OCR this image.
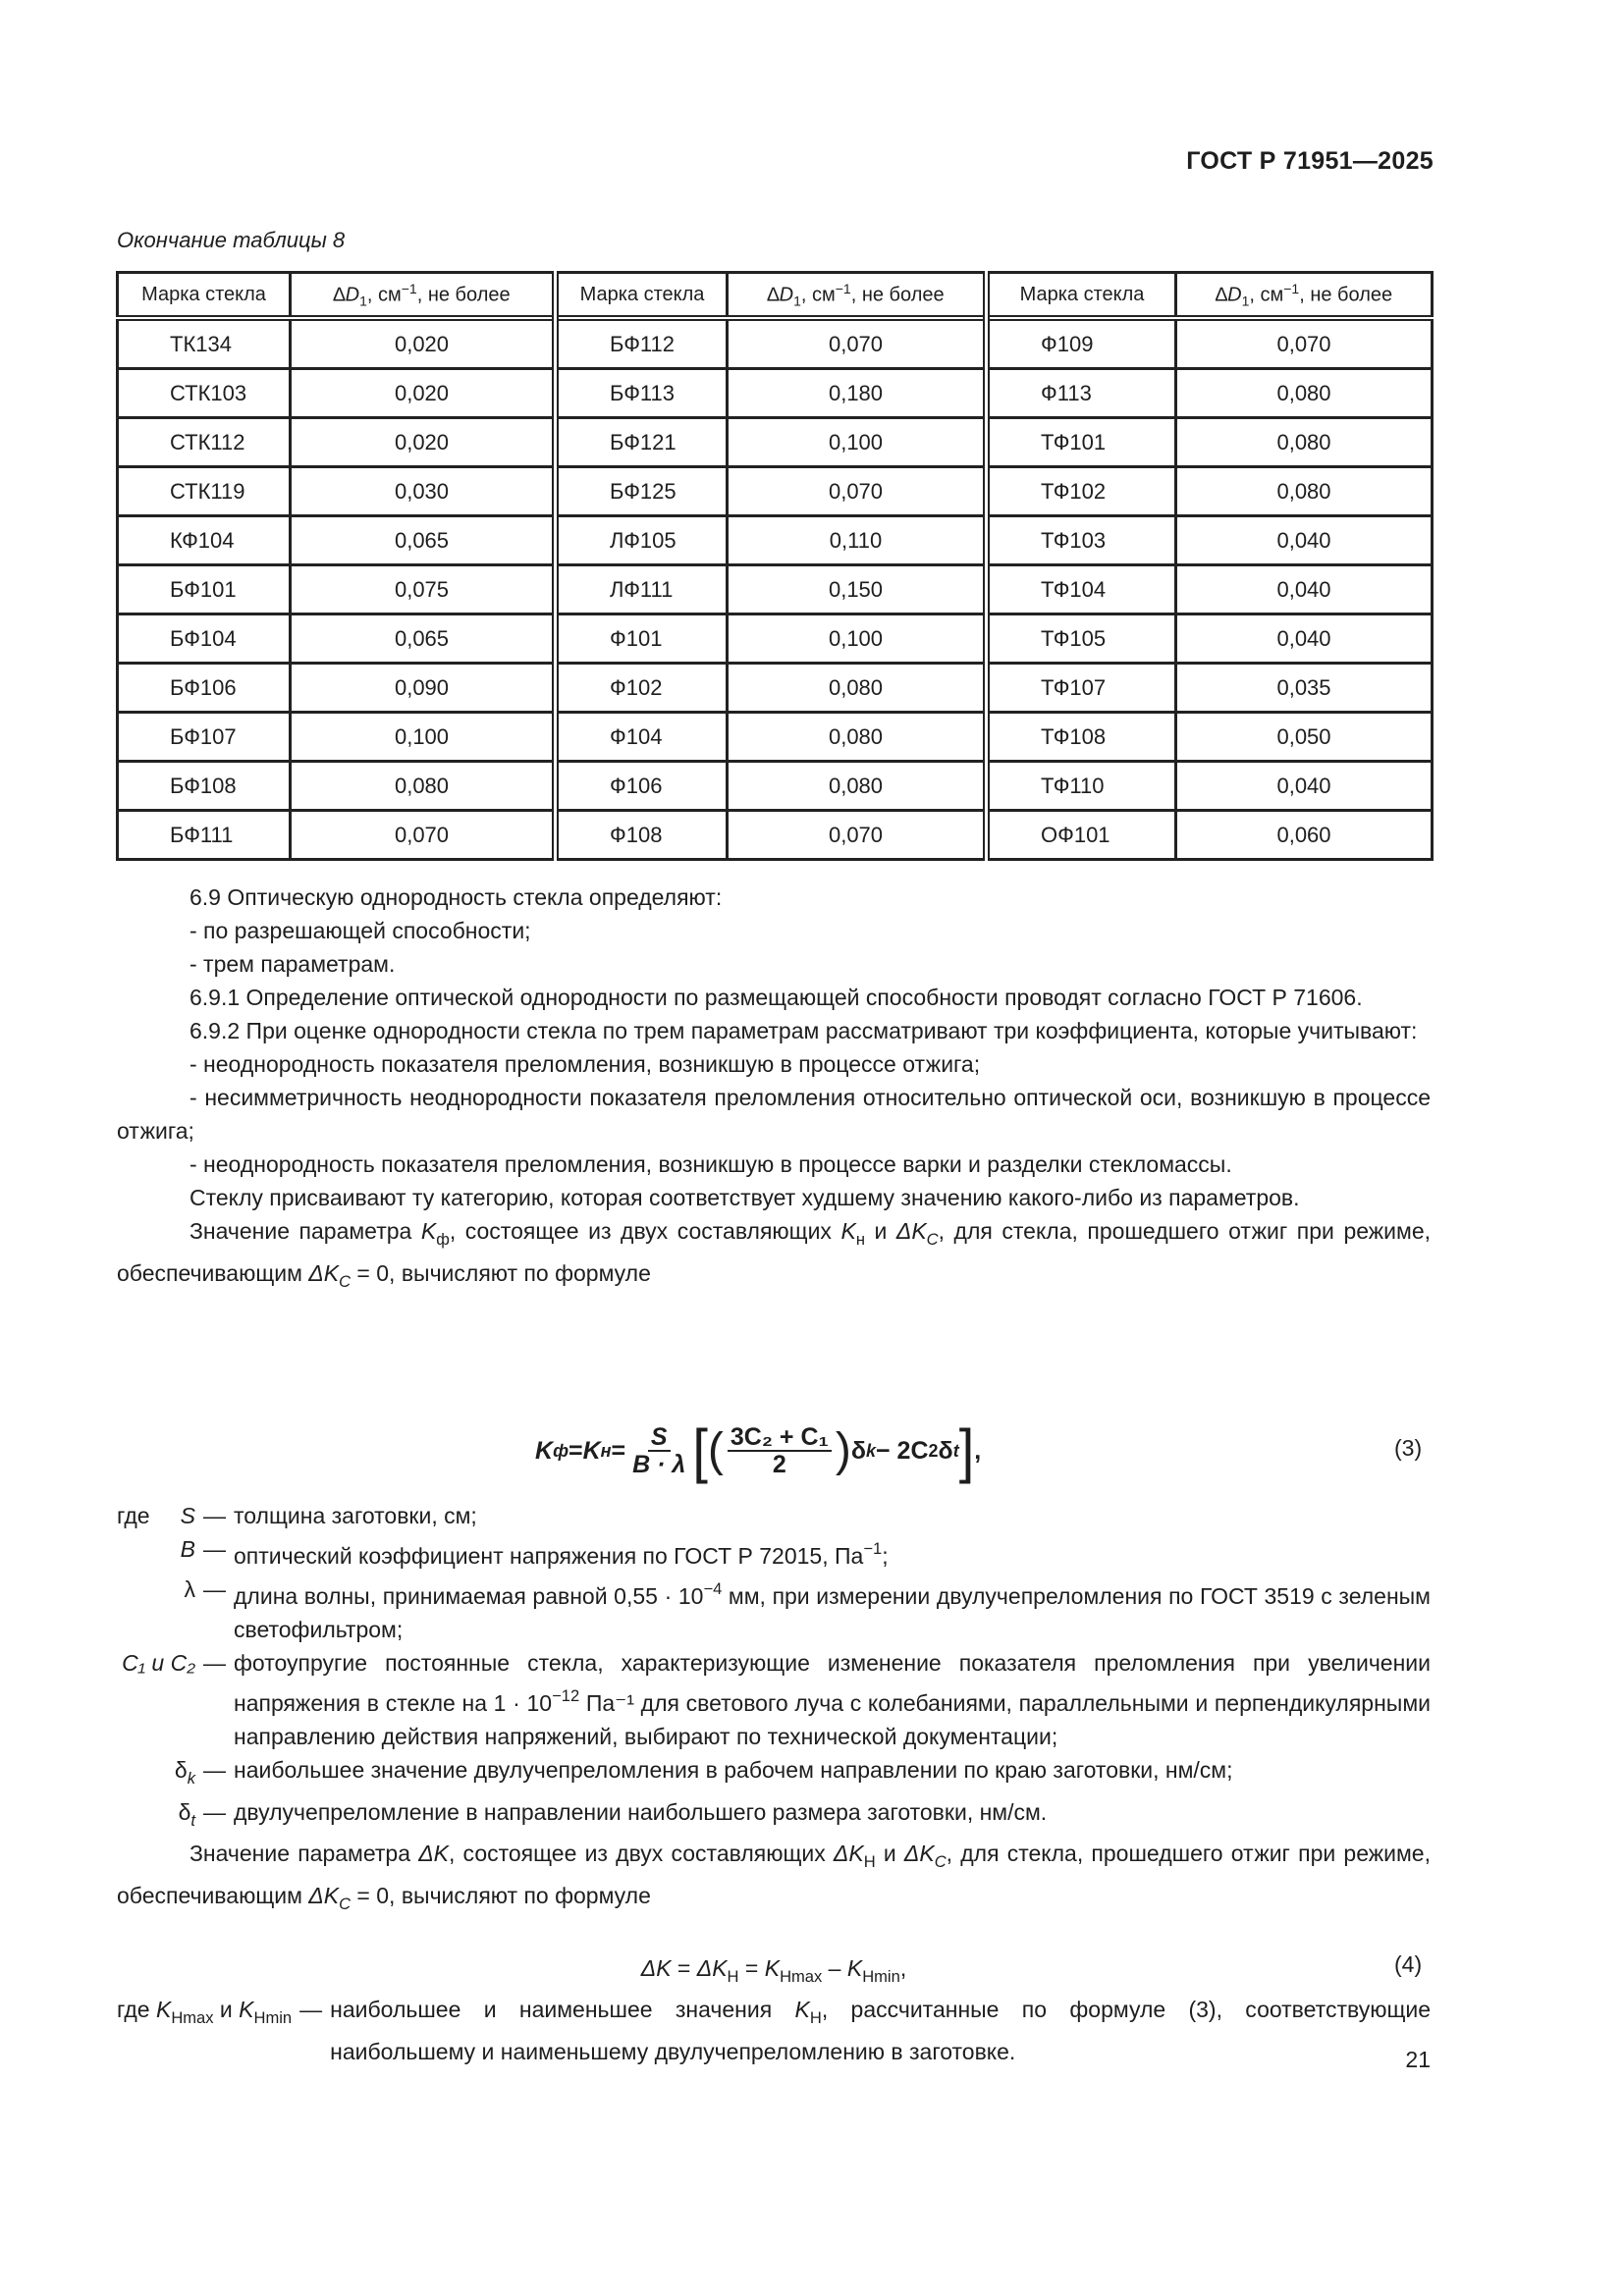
ГОСТ Р 71951—2025
Окончание таблицы 8
Марка стекла	$\Delta D_1$, $см^{-1}$, не более	Марка стекла	$\Delta D_1$, $см^{-1}$, не более	Марка стекла	$\Delta D_1$, $см^{-1}$, не более
ТК134	0,020	БФ112	0,070	Ф109	0,070
СТК103	0,020	БФ113	0,180	Ф113	0,080
СТК112	0,020	БФ121	0,100	ТФ101	0,080
СТК119	0,030	БФ125	0,070	ТФ102	0,080
КФ104	0,065	ЛФ105	0,110	ТФ103	0,040
БФ101	0,075	ЛФ111	0,150	ТФ104	0,040
БФ104	0,065	Ф101	0,100	ТФ105	0,040
БФ106	0,090	Ф102	0,080	ТФ107	0,035
БФ107	0,100	Ф104	0,080	ТФ108	0,050
БФ108	0,080	Ф106	0,080	ТФ110	0,040
БФ111	0,070	Ф108	0,070	ОФ101	0,060

6.9 Оптическую однородность стекла определяют:

- по разрешающей способности;

- трем параметрам.

6.9.1 Определение оптической однородности по размещающей способности проводят согласно ГОСТ Р 71606.

6.9.2 При оценке однородности стекла по трем параметрам рассматривают три коэффициента, которые учитывают:

- неоднородность показателя преломления, возникшую в процессе отжига;

- несимметричность неоднородности показателя преломления относительно оптической оси, возникшую в процессе отжига;

- неоднородность показателя преломления, возникшую в процессе варки и разделки стекломассы.

Стеклу присваивают ту категорию, которая соответствует худшему значению какого-либо из параметров.

Значение параметра $K_ф$, состоящее из двух составляющих $K_н$ и $\Delta K_C$, для стекла, прошедшего отжиг при режиме, обеспечивающим $\Delta K_C = 0$, вычисляют по формуле

K ф = K $н = \frac{S}{B \cdot \lambda}$ [ ( $\frac{\text{3C₂ + C₁}}{2}$ ) δ k − 2C 2 δ t ] ,	(3)
где	S — толщина заготовки, см;
B — оптический коэффициент напряжения по ГОСТ Р 72015, $Па^{-1}$;
λ — длина волны, принимаемая равной $0,55 \cdot 10^{-4}$ мм, при измерении двулучепреломления по ГОСТ 3519 с зеленым светофильтром;
C₁ и C₂ — фотоупругие постоянные стекла, характеризующие изменение показателя преломления при увеличении напряжения в стекле на $1 \cdot 10^{-12}$ Па⁻¹ для светового луча с колебаниями, параллельными и перпендикулярными направлению действия напряжений, выбирают по технической документации;
$\delta_k$ — наибольшее значение двулучепреломления в рабочем направлении по краю заготовки, нм/см;
$\delta_t$ — двулучепреломление в направлении наибольшего размера заготовки, нм/см.

Значение параметра ΔK, состоящее из двух составляющих $\Delta K_Н$ и $\Delta K_C$, для стекла, прошедшего отжиг при режиме, обеспечивающим $\Delta K_C = 0$, вычисляют по формуле

$\Delta K = \Delta K_Н = K_{Hmax} - K_{Hmin}$,	(4)
где $K_{Hmax}$ и $K_{Hmin}$ — наибольшее и наименьшее значения $K_H$, рассчитанные по формуле (3), соответствующие наибольшему и наименьшему двулучепреломлению в заготовке.	21
